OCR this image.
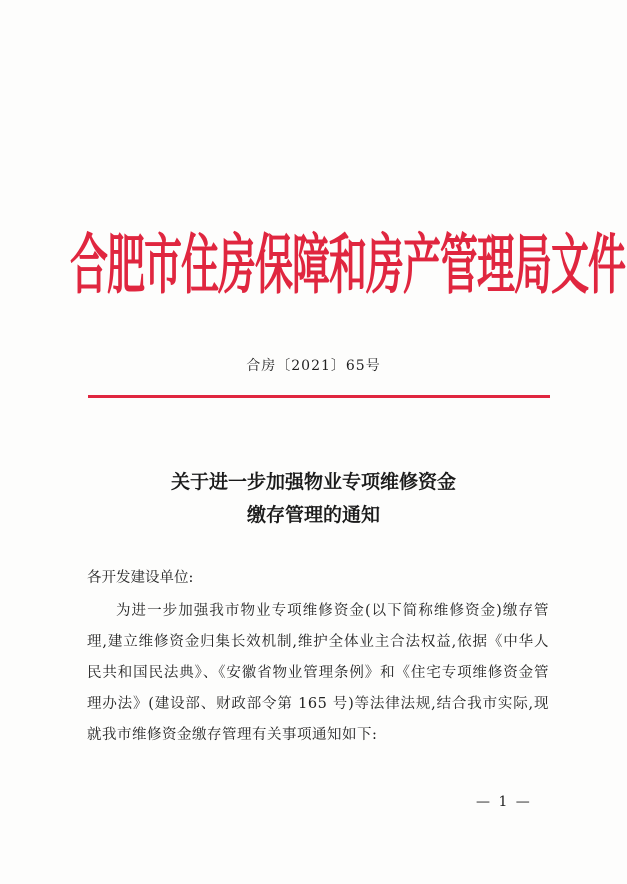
合肥市住房保障和房产管理局文件
合房〔2021〕65号
关于进一步加强物业专项维修资金
缴存管理的通知
各开发建设单位:
为进一步加强我市物业专项维修资金(以下简称维修资金)缴存管理,建立维修资金归集长效机制,维护全体业主合法权益,依据《中华人民共和国民法典》、《安徽省物业管理条例》和《住宅专项维修资金管理办法》(建设部、财政部令第 165 号)等法律法规,结合我市实际,现就我市维修资金缴存管理有关事项通知如下:
— 1 —
